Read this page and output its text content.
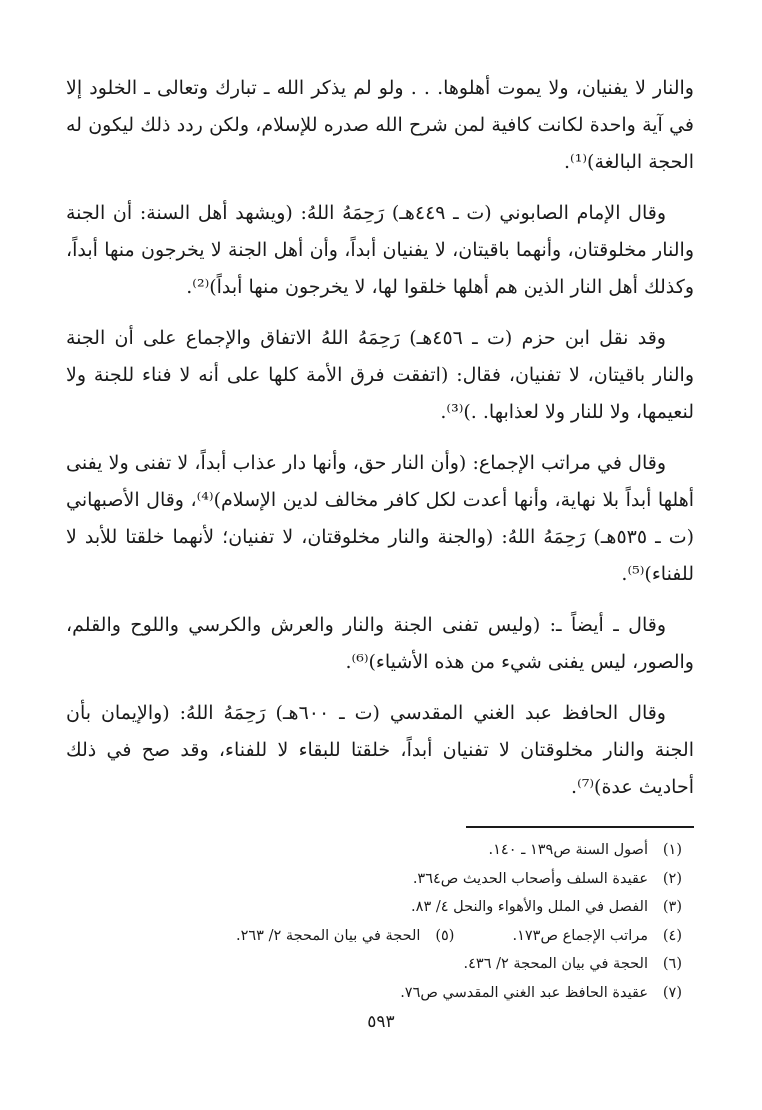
والنار لا يفنيان، ولا يموت أهلوها. . . ولو لم يذكر الله ـ تبارك وتعالى ـ الخلود إلا في آية واحدة لكانت كافية لمن شرح الله صدره للإسلام، ولكن ردد ذلك ليكون له الحجة البالغة)⁽¹⁾.

وقال الإمام الصابوني (ت ـ ٤٤٩هـ) رَحِمَهُ اللهُ: (ويشهد أهل السنة: أن الجنة والنار مخلوقتان، وأنهما باقيتان، لا يفنيان أبداً، وأن أهل الجنة لا يخرجون منها أبداً، وكذلك أهل النار الذين هم أهلها خلقوا لها، لا يخرجون منها أبداً)⁽²⁾.

وقد نقل ابن حزم (ت ـ ٤٥٦هـ) رَحِمَهُ اللهُ الاتفاق والإجماع على أن الجنة والنار باقيتان، لا تفنيان، فقال: (اتفقت فرق الأمة كلها على أنه لا فناء للجنة ولا لنعيمها، ولا للنار ولا لعذابها. .)⁽³⁾.

وقال في مراتب الإجماع: (وأن النار حق، وأنها دار عذاب أبداً، لا تفنى ولا يفنى أهلها أبداً بلا نهاية، وأنها أعدت لكل كافر مخالف لدين الإسلام)⁽⁴⁾، وقال الأصبهاني (ت ـ ٥٣٥هـ) رَحِمَهُ اللهُ: (والجنة والنار مخلوقتان، لا تفنيان؛ لأنهما خلقتا للأبد لا للفناء)⁽⁵⁾.

وقال ـ أيضاً ـ: (وليس تفنى الجنة والنار والعرش والكرسي واللوح والقلم، والصور، ليس يفنى شيء من هذه الأشياء)⁽⁶⁾.

وقال الحافظ عبد الغني المقدسي (ت ـ ٦٠٠هـ) رَحِمَهُ اللهُ: (والإيمان بأن الجنة والنار مخلوقتان لا تفنيان أبداً، خلقتا للبقاء لا للفناء، وقد صح في ذلك أحاديث عدة)⁽⁷⁾.

(١)أصول السنة ص١٣٩ ـ ١٤٠.
(٢)عقيدة السلف وأصحاب الحديث ص٣٦٤.
(٣)الفصل في الملل والأهواء والنحل ٤/ ٨٣.
(٤)مراتب الإجماع ص١٧٣.
(٥)الحجة في بيان المحجة ٢/ ٢٦٣.
(٦)الحجة في بيان المحجة ٢/ ٤٣٦.
(٧)عقيدة الحافظ عبد الغني المقدسي ص٧٦.
٥٩٣
